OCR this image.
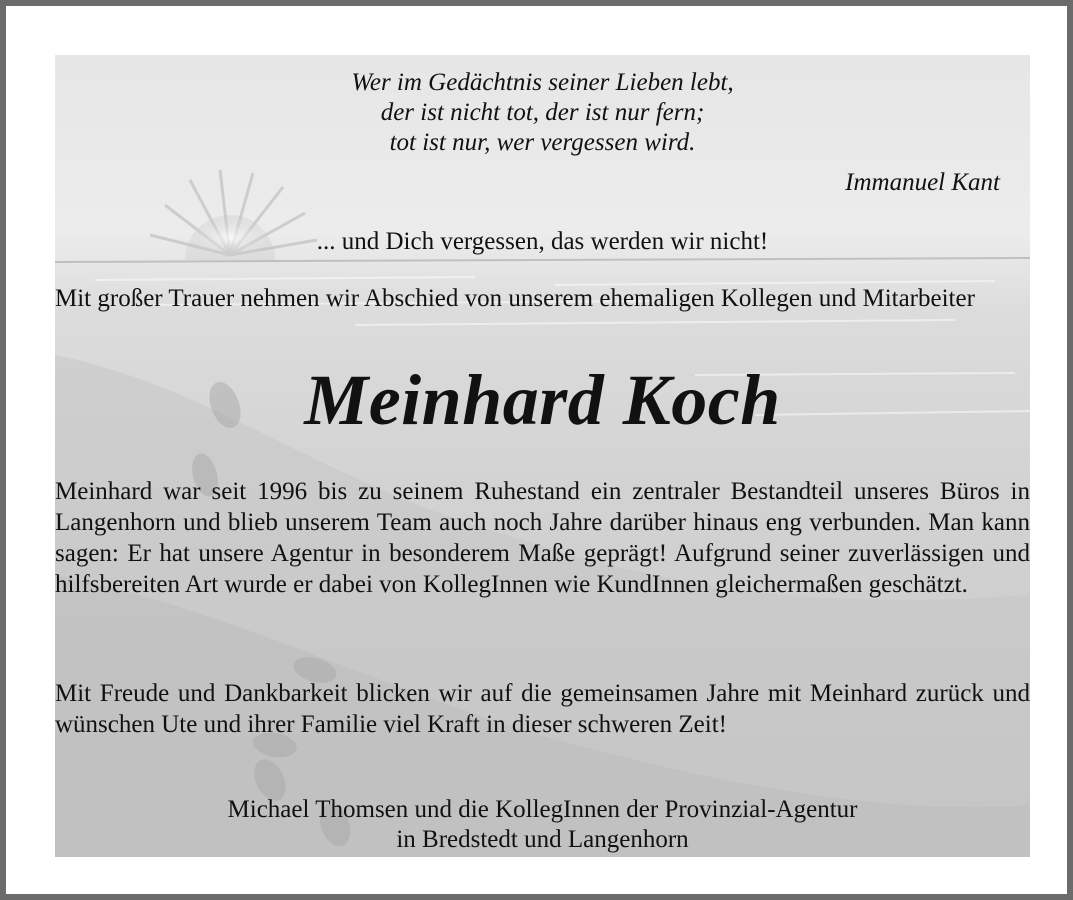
Wer im Gedächtnis seiner Lieben lebt,
der ist nicht tot, der ist nur fern;
tot ist nur, wer vergessen wird.

Immanuel Kant

... und Dich vergessen, das werden wir nicht!

Mit großer Trauer nehmen wir Abschied von unserem ehemaligen Kollegen und Mitarbeiter

Meinhard Koch

Meinhard war seit 1996 bis zu seinem Ruhestand ein zentraler Bestandteil unseres Büros in Langenhorn und blieb unserem Team auch noch Jahre darüber hinaus eng verbunden. Man kann sagen: Er hat unsere Agentur in besonderem Maße geprägt! Aufgrund seiner zuverlässigen und hilfsbereiten Art wurde er dabei von KollegInnen wie KundInnen gleichermaßen geschätzt.

Mit Freude und Dankbarkeit blicken wir auf die gemeinsamen Jahre mit Meinhard zurück und wünschen Ute und ihrer Familie viel Kraft in dieser schweren Zeit!

Michael Thomsen und die KollegInnen der Provinzial-Agentur
in Bredstedt und Langenhorn
